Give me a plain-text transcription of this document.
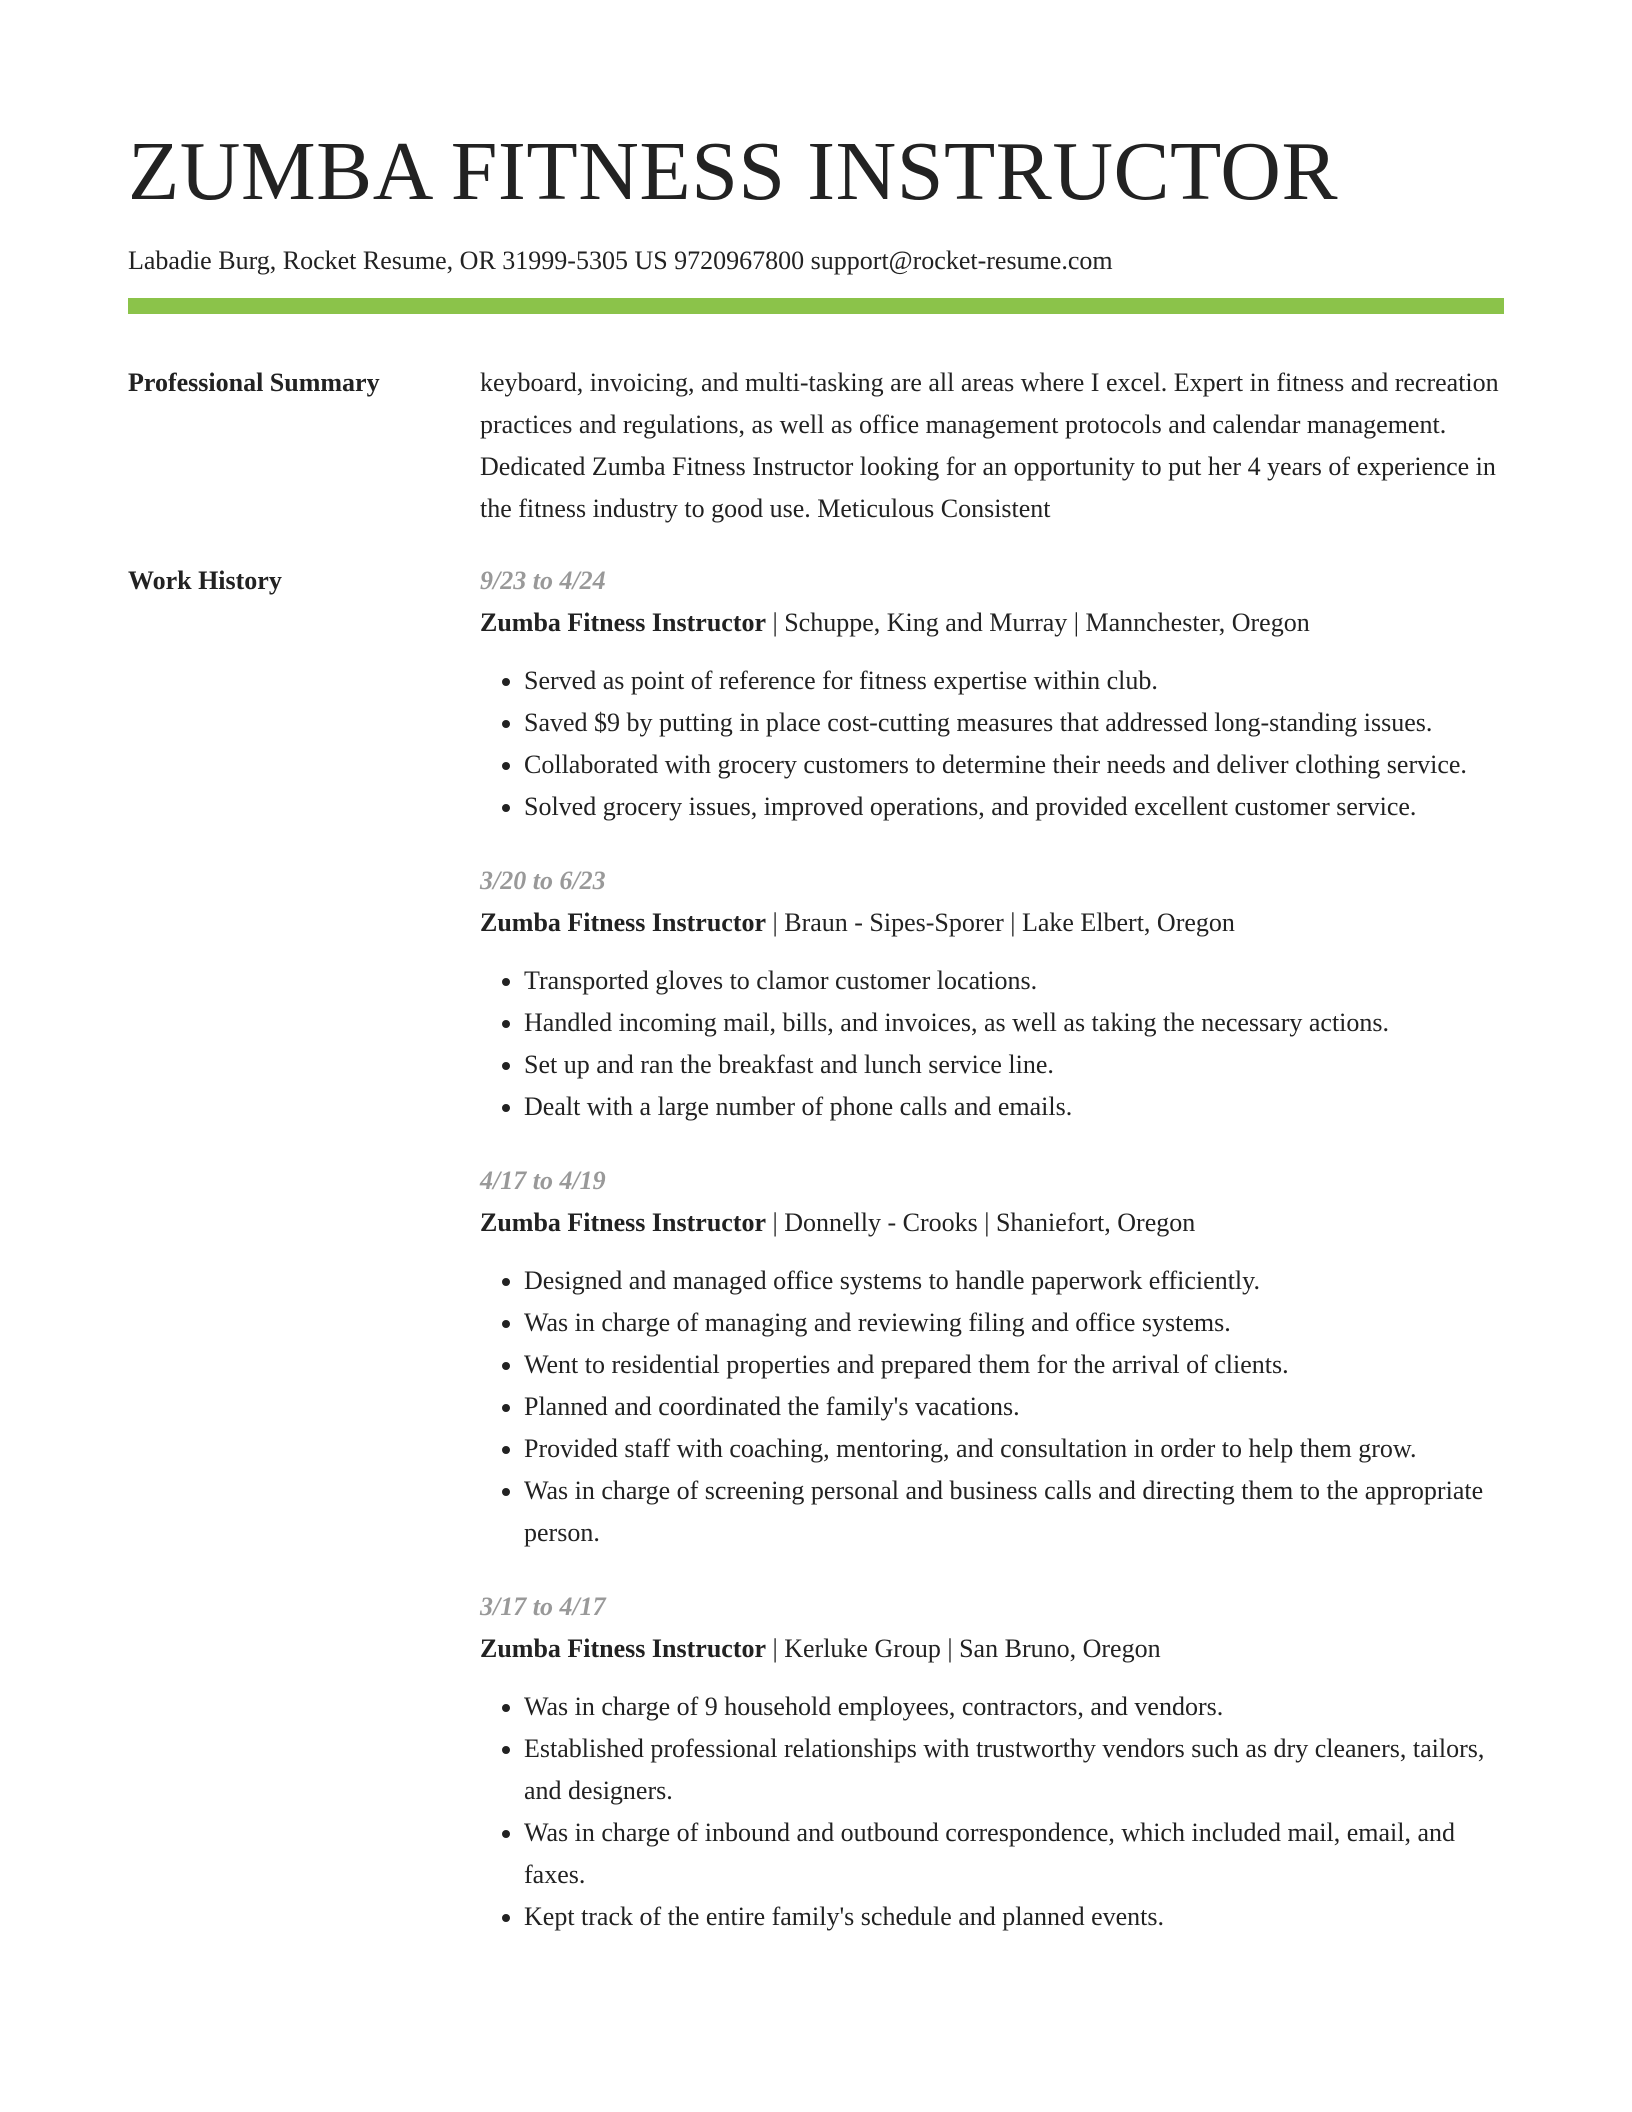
ZUMBA FITNESS INSTRUCTOR
Labadie Burg, Rocket Resume, OR 31999-5305 US 9720967800 support@rocket-resume.com
Professional Summary	keyboard, invoicing, and multi-tasking are all areas where I excel. Expert in fitness and recreation practices and regulations, as well as office management protocols and calendar management. Dedicated Zumba Fitness Instructor looking for an opportunity to put her 4 years of experience in the fitness industry to good use. Meticulous Consistent

Work History	9/23 to 4/24
Zumba Fitness Instructor | Schuppe, King and Murray | Mannchester, Oregon
• Served as point of reference for fitness expertise within club.
• Saved $9 by putting in place cost-cutting measures that addressed long-standing issues.
• Collaborated with grocery customers to determine their needs and deliver clothing service.
• Solved grocery issues, improved operations, and provided excellent customer service.
3/20 to 6/23
Zumba Fitness Instructor | Braun - Sipes-Sporer | Lake Elbert, Oregon
• Transported gloves to clamor customer locations.
• Handled incoming mail, bills, and invoices, as well as taking the necessary actions.
• Set up and ran the breakfast and lunch service line.
• Dealt with a large number of phone calls and emails.
4/17 to 4/19
Zumba Fitness Instructor | Donnelly - Crooks | Shaniefort, Oregon
• Designed and managed office systems to handle paperwork efficiently.
• Was in charge of managing and reviewing filing and office systems.
• Went to residential properties and prepared them for the arrival of clients.
• Planned and coordinated the family's vacations.
• Provided staff with coaching, mentoring, and consultation in order to help them grow.
• Was in charge of screening personal and business calls and directing them to the appropriate person.
3/17 to 4/17
Zumba Fitness Instructor | Kerluke Group | San Bruno, Oregon
• Was in charge of 9 household employees, contractors, and vendors.
• Established professional relationships with trustworthy vendors such as dry cleaners, tailors, and designers.
• Was in charge of inbound and outbound correspondence, which included mail, email, and faxes.
• Kept track of the entire family's schedule and planned events.
